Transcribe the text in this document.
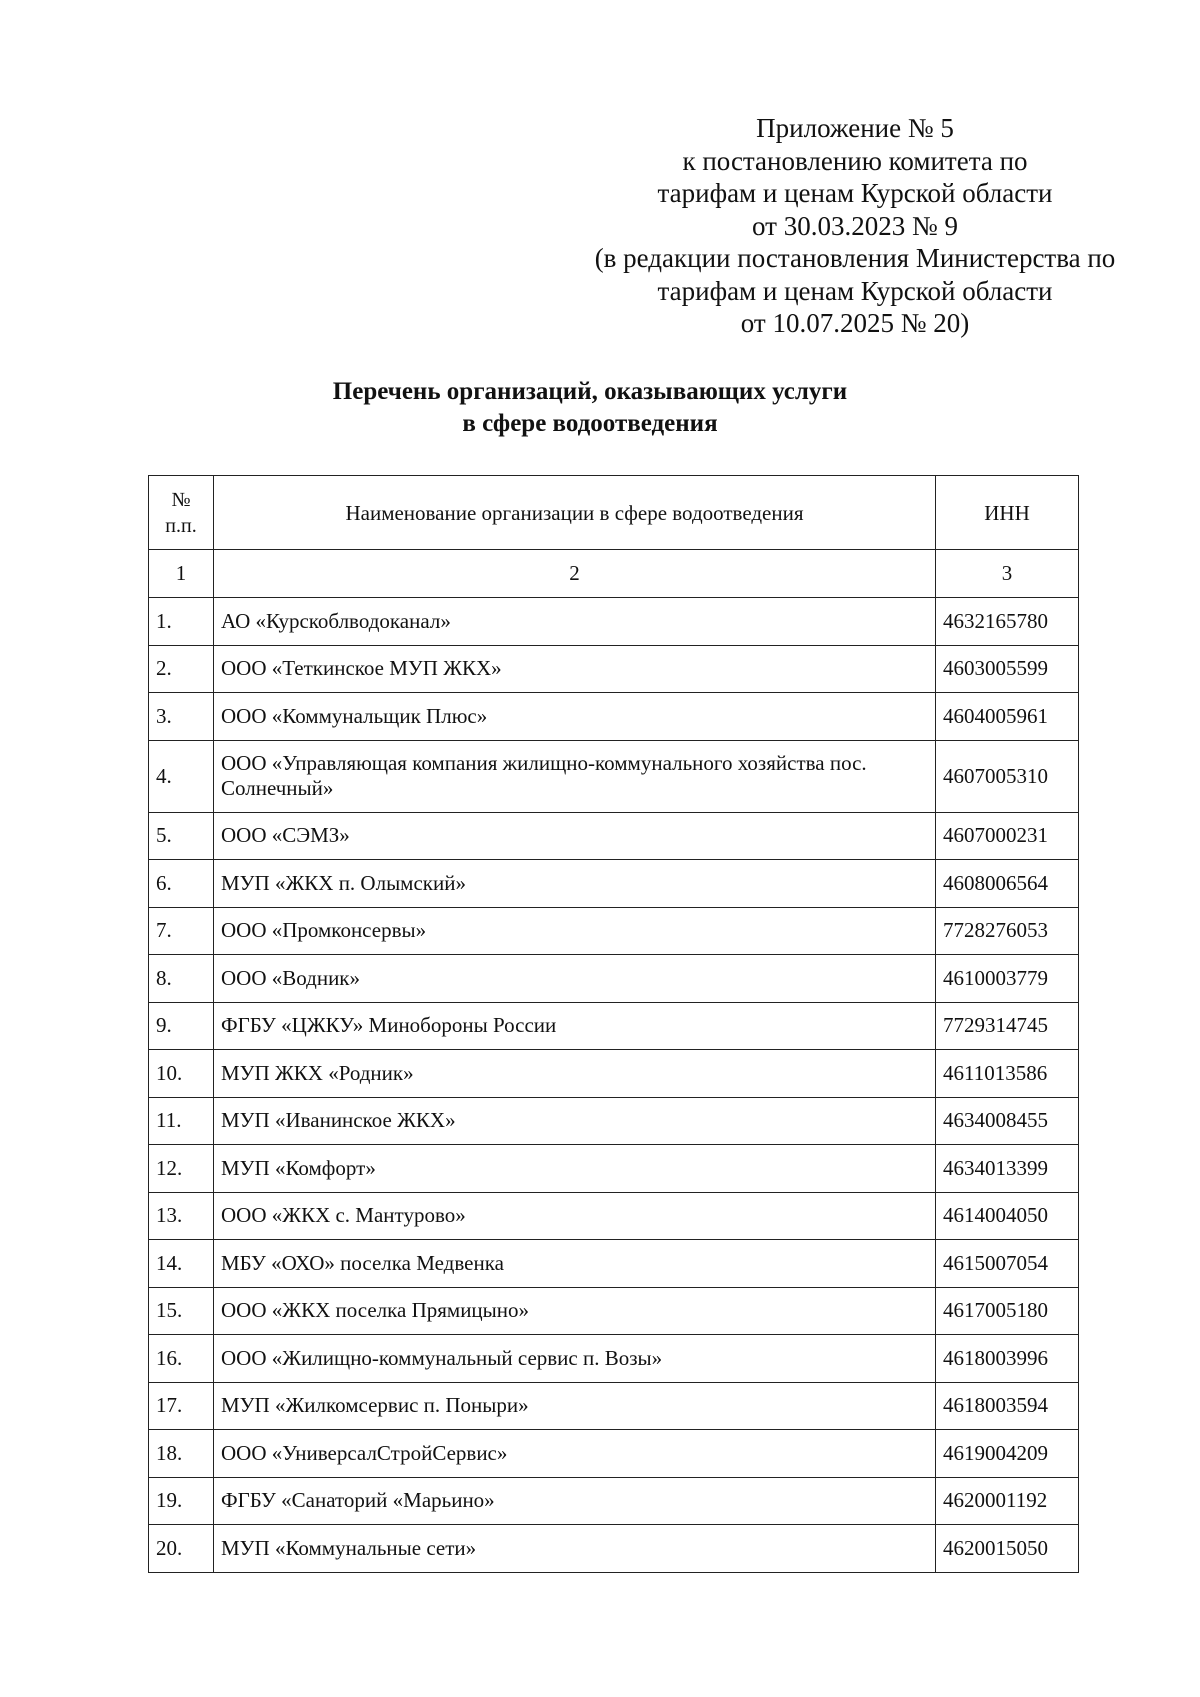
Приложение № 5
к постановлению комитета по
тарифам и ценам Курской области
от 30.03.2023 № 9
(в редакции постановления Министерства по
тарифам и ценам Курской области
от 10.07.2025 № 20)
Перечень организаций, оказывающих услуги
в сфере водоотведения
№ п.п.	Наименование организации в сфере водоотведения	ИНН
1	2	3
1.	АО «Курскоблводоканал»	4632165780
2.	ООО «Теткинское МУП ЖКХ»	4603005599
3.	ООО «Коммунальщик Плюс»	4604005961
4.	ООО «Управляющая компания жилищно-коммунального хозяйства пос. Солнечный»	4607005310
5.	ООО «СЭМЗ»	4607000231
6.	МУП «ЖКХ п. Олымский»	4608006564
7.	ООО «Промконсервы»	7728276053
8.	ООО «Водник»	4610003779
9.	ФГБУ «ЦЖКУ» Минобороны России	7729314745
10.	МУП ЖКХ «Родник»	4611013586
11.	МУП «Иванинское ЖКХ»	4634008455
12.	МУП «Комфорт»	4634013399
13.	ООО «ЖКХ с. Мантурово»	4614004050
14.	МБУ «ОХО» поселка Медвенка	4615007054
15.	ООО «ЖКХ поселка Прямицыно»	4617005180
16.	ООО «Жилищно-коммунальный сервис п. Возы»	4618003996
17.	МУП «Жилкомсервис п. Поныри»	4618003594
18.	ООО «УниверсалСтройСервис»	4619004209
19.	ФГБУ «Санаторий «Марьино»	4620001192
20.	МУП «Коммунальные сети»	4620015050
